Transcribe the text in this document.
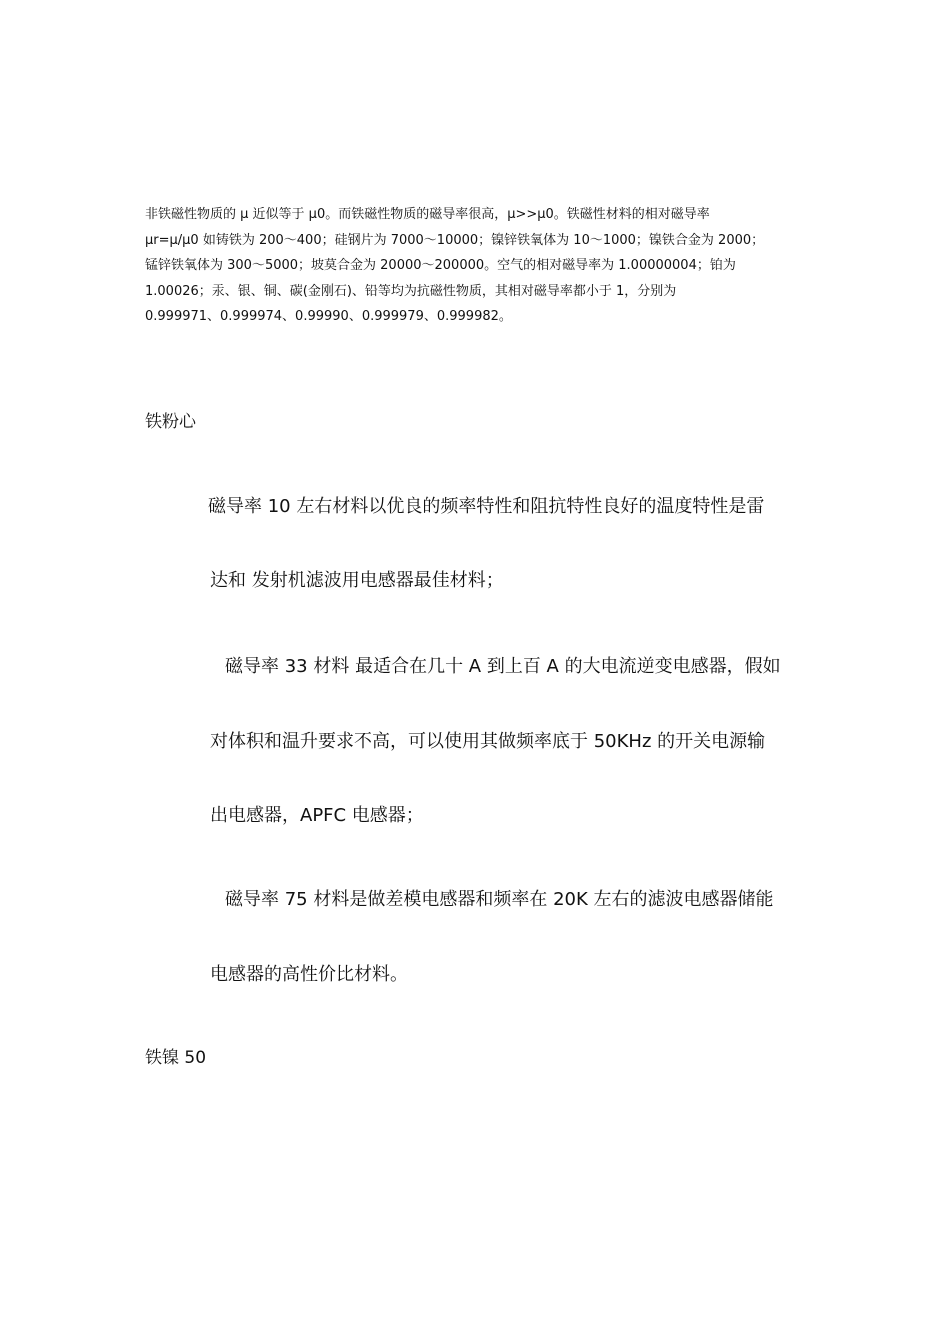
非铁磁性物质的 μ 近似等于 μ0。而铁磁性物质的磁导率很高，μ>>μ0。铁磁性材料的相对磁导率
μr=μ/μ0 如铸铁为 200～400；硅钢片为 7000～10000；镍锌铁氧体为 10～1000；镍铁合金为 2000；
锰锌铁氧体为 300～5000；坡莫合金为 20000～200000。空气的相对磁导率为 1.00000004；铂为
1.00026；汞、银、铜、碳(金刚石)、铅等均为抗磁性物质，其相对磁导率都小于 1，分别为
0.999971、0.999974、0.99990、0.999979、0.999982。
铁粉心
磁导率 10 左右材料以优良的频率特性和阻抗特性良好的温度特性是雷
达和 发射机滤波用电感器最佳材料；
磁导率 33 材料 最适合在几十 A 到上百 A 的大电流逆变电感器，假如
对体积和温升要求不高，可以使用其做频率底于 50KHz 的开关电源输
出电感器，APFC 电感器；
磁导率 75 材料是做差模电感器和频率在 20K 左右的滤波电感器储能
电感器的高性价比材料。
铁镍 50
